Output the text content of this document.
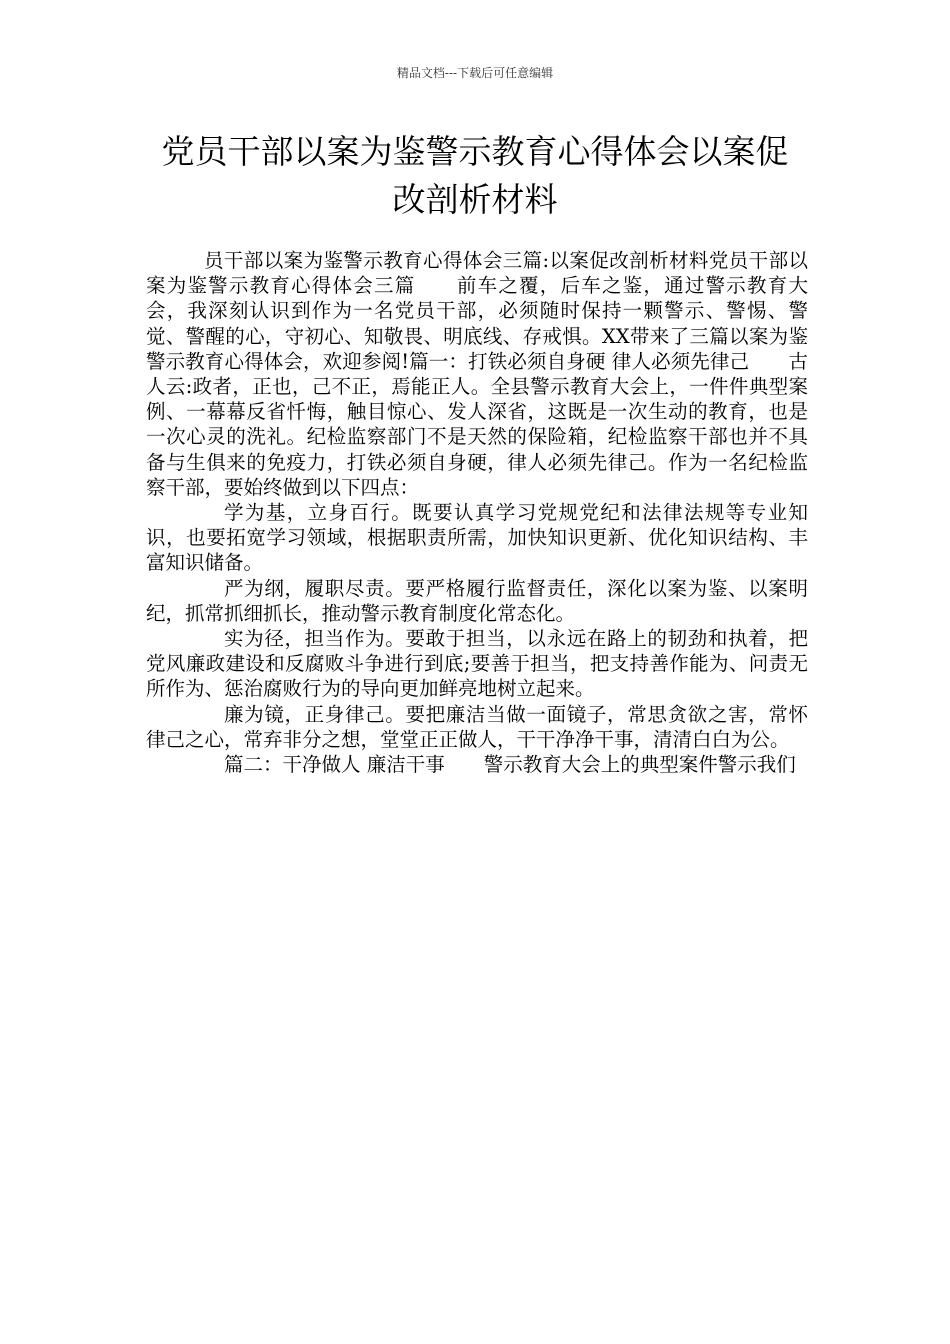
精品文档---下载后可任意编辑
党员干部以案为鉴警示教育心得体会以案促改剖析材料

员干部以案为鉴警示教育心得体会三篇:以案促改剖析材料党员干部以案为鉴警示教育心得体会三篇　　前车之覆，后车之鉴，通过警示教育大会，我深刻认识到作为一名党员干部，必须随时保持一颗警示、警惕、警觉、警醒的心，守初心、知敬畏、明底线、存戒惧。XX带来了三篇以案为鉴警示教育心得体会，欢迎参阅!篇一：打铁必须自身硬 律人必须先律己　　古人云:政者，正也，己不正，焉能正人。全县警示教育大会上，一件件典型案例、一幕幕反省忏悔，触目惊心、发人深省，这既是一次生动的教育，也是一次心灵的洗礼。纪检监察部门不是天然的保险箱，纪检监察干部也并不具备与生俱来的免疫力，打铁必须自身硬，律人必须先律己。作为一名纪检监察干部，要始终做到以下四点：

学为基，立身百行。既要认真学习党规党纪和法律法规等专业知识，也要拓宽学习领域，根据职责所需，加快知识更新、优化知识结构、丰富知识储备。

严为纲，履职尽责。要严格履行监督责任，深化以案为鉴、以案明纪，抓常抓细抓长，推动警示教育制度化常态化。

实为径，担当作为。要敢于担当，以永远在路上的韧劲和执着，把党风廉政建设和反腐败斗争进行到底;要善于担当，把支持善作能为、问责无所作为、惩治腐败行为的导向更加鲜亮地树立起来。

廉为镜，正身律己。要把廉洁当做一面镜子，常思贪欲之害，常怀律己之心，常弃非分之想，堂堂正正做人，干干净净干事，清清白白为公。

篇二：干净做人 廉洁干事　　警示教育大会上的典型案件警示我们
